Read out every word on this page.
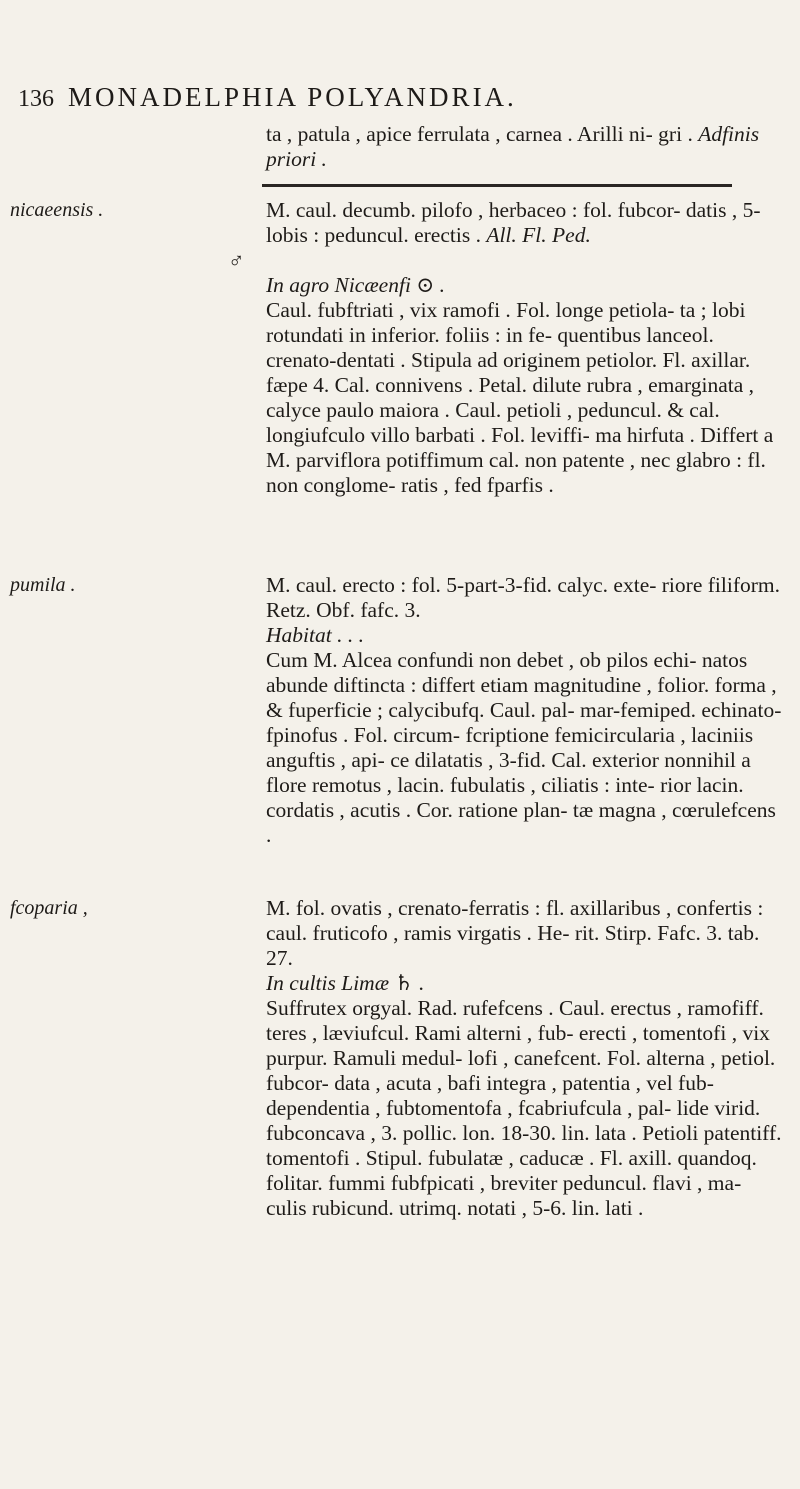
136 MONADELPHIA POLYANDRIA.

ta , patula , apice ferrulata , carnea . Arilli ni- gri . Adfinis priori .

nicaeensis .
♂

M. caul. decumb. pilofo , herbaceo : fol. fubcor- datis , 5-lobis : peduncul. erectis . All. Fl. Ped.

In agro Nicæenfi ⊙ .

Caul. fubftriati , vix ramofi . Fol. longe petiola- ta ; lobi rotundati in inferior. foliis : in fe- quentibus lanceol. crenato-dentati . Stipula ad originem petiolor. Fl. axillar. fæpe 4. Cal. connivens . Petal. dilute rubra , emarginata , calyce paulo maiora . Caul. petioli , peduncul. & cal. longiufculo villo barbati . Fol. leviffi- ma hirfuta . Differt a M. parviflora potiffimum cal. non patente , nec glabro : fl. non conglome- ratis , fed fparfis .

pumila .	M. caul. erecto : fol. 5-part-3-fid. calyc. exte- riore filiform. Retz. Obf. fafc. 3.

Habitat . . .

Cum M. Alcea confundi non debet , ob pilos echi- natos abunde diftincta : differt etiam magnitudine , folior. forma , & fuperficie ; calycibufq. Caul. pal- mar-femiped. echinato-fpinofus . Fol. circum- fcriptione femicircularia , laciniis anguftis , api- ce dilatatis , 3-fid. Cal. exterior nonnihil a flore remotus , lacin. fubulatis , ciliatis : inte- rior lacin. cordatis , acutis . Cor. ratione plan- tæ magna , cœrulefcens .

fcoparia ,	M. fol. ovatis , crenato-ferratis : fl. axillaribus , confertis : caul. fruticofo , ramis virgatis . He- rit. Stirp. Fafc. 3. tab. 27.

In cultis Limæ ♄ .

Suffrutex orgyal. Rad. rufefcens . Caul. erectus , ramofiff. teres , læviufcul. Rami alterni , fub- erecti , tomentofi , vix purpur. Ramuli medul- lofi , canefcent. Fol. alterna , petiol. fubcor- data , acuta , bafi integra , patentia , vel fub- dependentia , fubtomentofa , fcabriufcula , pal- lide virid. fubconcava , 3. pollic. lon. 18-30. lin. lata . Petioli patentiff. tomentofi . Stipul. fubulatæ , caducæ . Fl. axill. quandoq. folitar. fummi fubfpicati , breviter peduncul. flavi , ma- culis rubicund. utrimq. notati , 5-6. lin. lati .
